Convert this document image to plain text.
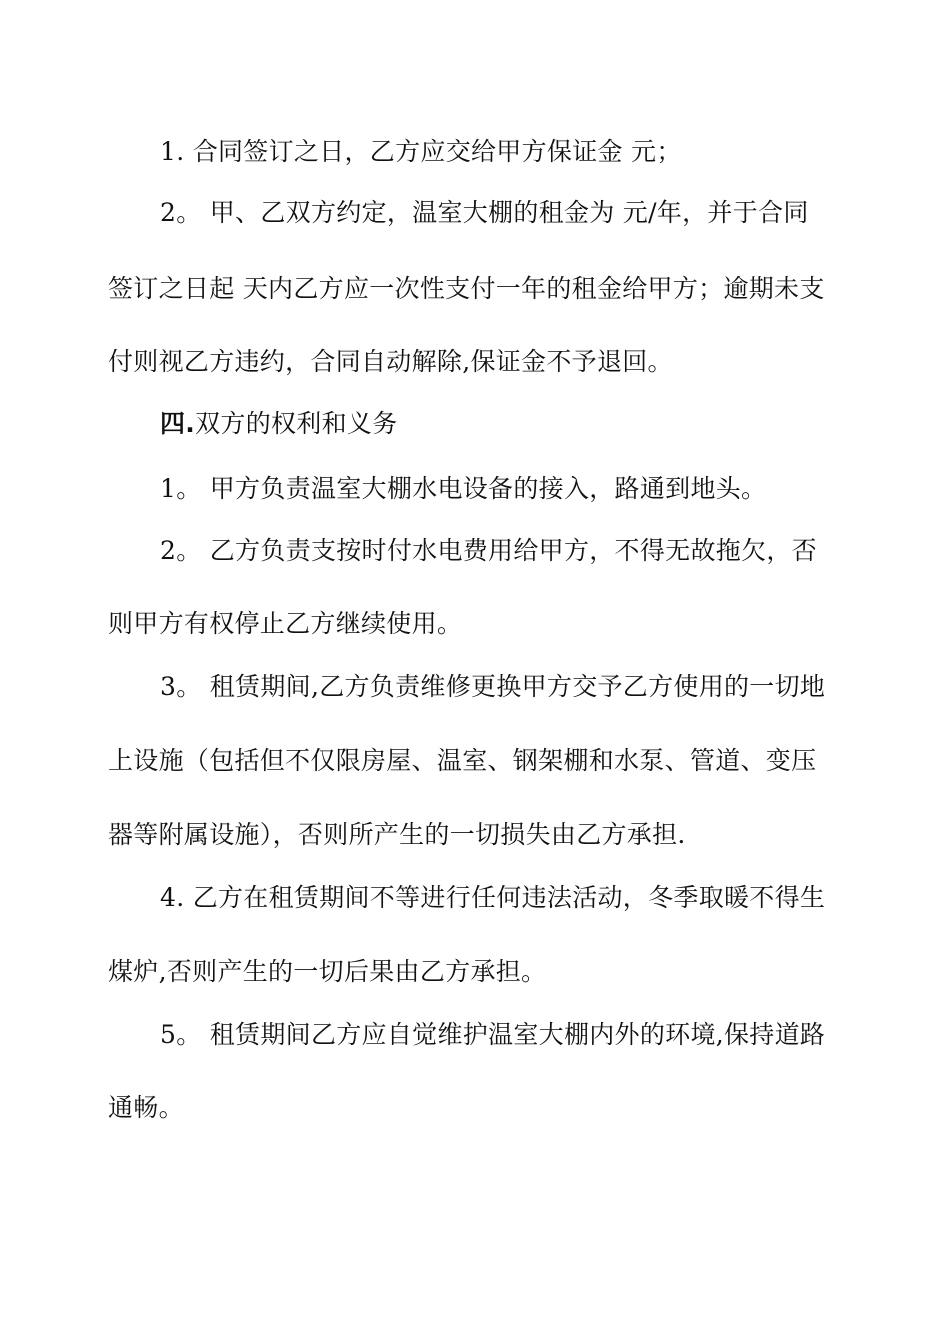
1. 合同签订之日，乙方应交给甲方保证金 元；
2。 甲、乙双方约定，温室大棚的租金为 元/年，并于合同
签订之日起 天内乙方应一次性支付一年的租金给甲方；逾期未支
付则视乙方违约，合同自动解除,保证金不予退回。
四.双方的权利和义务
1。 甲方负责温室大棚水电设备的接入，路通到地头。
2。 乙方负责支按时付水电费用给甲方，不得无故拖欠，否
则甲方有权停止乙方继续使用。
3。 租赁期间,乙方负责维修更换甲方交予乙方使用的一切地
上设施（包括但不仅限房屋、温室、钢架棚和水泵、管道、变压
器等附属设施），否则所产生的一切损失由乙方承担.
4. 乙方在租赁期间不等进行任何违法活动，冬季取暖不得生
煤炉,否则产生的一切后果由乙方承担。
5。 租赁期间乙方应自觉维护温室大棚内外的环境,保持道路
通畅。
